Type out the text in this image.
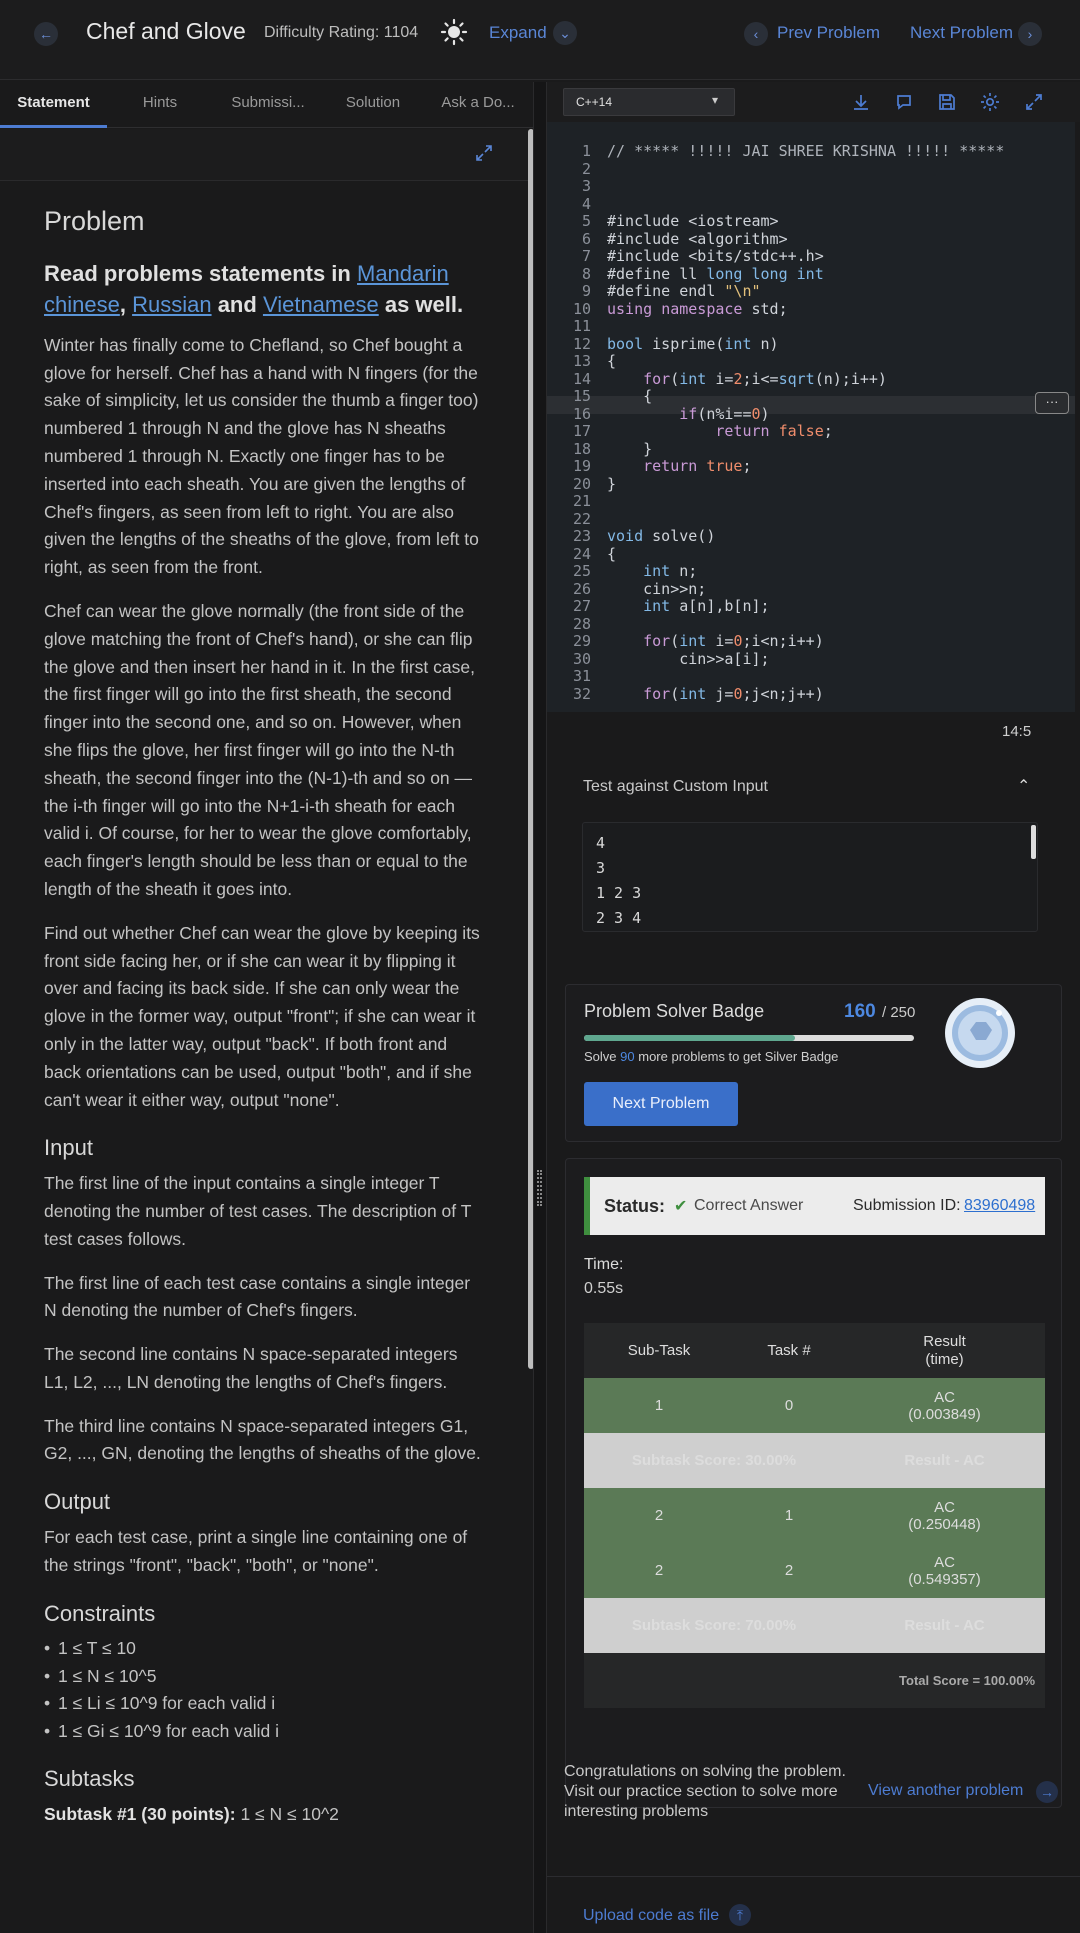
← Chef and Glove Difficulty Rating: 1104	Expand ⌄	‹	Prev Problem Next Problem	›
Statement	Hints	Submissi...	Solution	Ask a Do...
Problem

Read problems statements in Mandarin chinese, Russian and Vietnamese as well.

Winter has finally come to Chefland, so Chef bought a glove for herself. Chef has a hand with N fingers (for the sake of simplicity, let us consider the thumb a finger too) numbered 1 through N and the glove has N sheaths numbered 1 through N. Exactly one finger has to be inserted into each sheath. You are given the lengths of Chef's fingers, as seen from left to right. You are also given the lengths of the sheaths of the glove, from left to right, as seen from the front.

Chef can wear the glove normally (the front side of the glove matching the front of Chef's hand), or she can flip the glove and then insert her hand in it. In the first case, the first finger will go into the first sheath, the second finger into the second one, and so on. However, when she flips the glove, her first finger will go into the N-th sheath, the second finger into the (N-1)-th and so on — the i-th finger will go into the N+1-i-th sheath for each valid i. Of course, for her to wear the glove comfortably, each finger's length should be less than or equal to the length of the sheath it goes into.

Find out whether Chef can wear the glove by keeping its front side facing her, or if she can wear it by flipping it over and facing its back side. If she can only wear the glove in the former way, output "front"; if she can wear it only in the latter way, output "back". If both front and back orientations can be used, output "both", and if she can't wear it either way, output "none".

Input

The first line of the input contains a single integer T denoting the number of test cases. The description of T test cases follows.

The first line of each test case contains a single integer N denoting the number of Chef's fingers.

The second line contains N space-separated integers L1, L2, ..., LN denoting the lengths of Chef's fingers.

The third line contains N space-separated integers G1, G2, ..., GN, denoting the lengths of sheaths of the glove.

Output

For each test case, print a single line containing one of the strings "front", "back", "both", or "none".

Constraints
• 1 ≤ T ≤ 10
• 1 ≤ N ≤ 10^5
• 1 ≤ Li ≤ 10^9 for each valid i
• 1 ≤ Gi ≤ 10^9 for each valid i
Subtasks

Subtask #1 (30 points): 1 ≤ N ≤ 10^2

C++14	▾
1 // ***** !!!!! JAI SHREE KRISHNA !!!!! *****
2
3
4
5 #include <iostream>
6 #include <algorithm>
7 #include <bits/stdc++.h>
8 #define ll long long int
9 #define endl "\n"
10 using namespace std;
11
12 bool isprime(int n)
13 {
14	for(int i=2;i<=sqrt(n);i++)
15 {
16	if(n%i==0)
17	return false;
18 }
19	return true;
20 }
21
22
23 void solve()
24 {
25	int n;
26 cin>>n;
27	int a[n],b[n];
28
29	for(int i=0;i<n;i++)
30 cin>>a[i];
31
32	for(int j=0;j<n;j++)
···
14:5
Test against Custom Input	⌃
4
3
1 2 3
2 3 4
Problem Solver Badge	160 / 250
Solve 90 more problems to get Silver Badge
Next Problem
Status: ✔ Correct Answer	Submission ID: 83960498
Time:
0.55s
Sub-Task	Task #	Result (time)

1	0	AC
(0.003849)

Subtask Score: 30.00%		Result - AC
2	1	AC
(0.250448)

2	2	AC
(0.549357)

Subtask Score: 70.00%		Result - AC
Total Score = 100.00%		
Congratulations on solving the problem.
Visit our practice section to solve more interesting problems
View another problem →
Upload code as file	⤒
